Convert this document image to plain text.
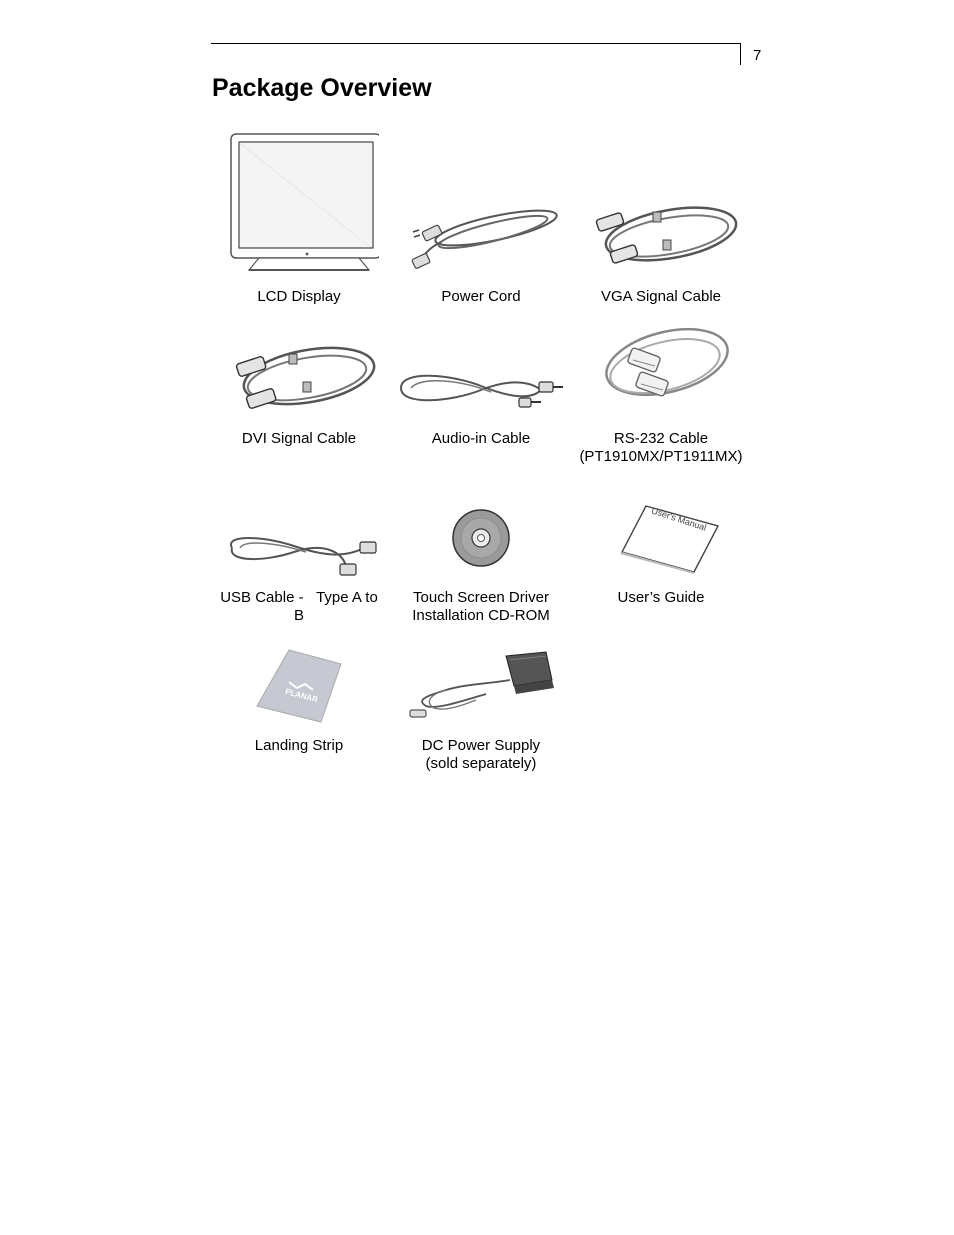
7
Package Overview
LCD Display	Power Cord	VGA Signal Cable
DVI Signal Cable	Audio-in Cable	RS-232 Cable
(PT1910MX/PT1911MX)
USB Cable -   Type A to
B
Touch Screen Driver
Installation CD-ROM
User's Manual
User’s Guide
PLANAR
Landing Strip	DC Power Supply
(sold separately)
